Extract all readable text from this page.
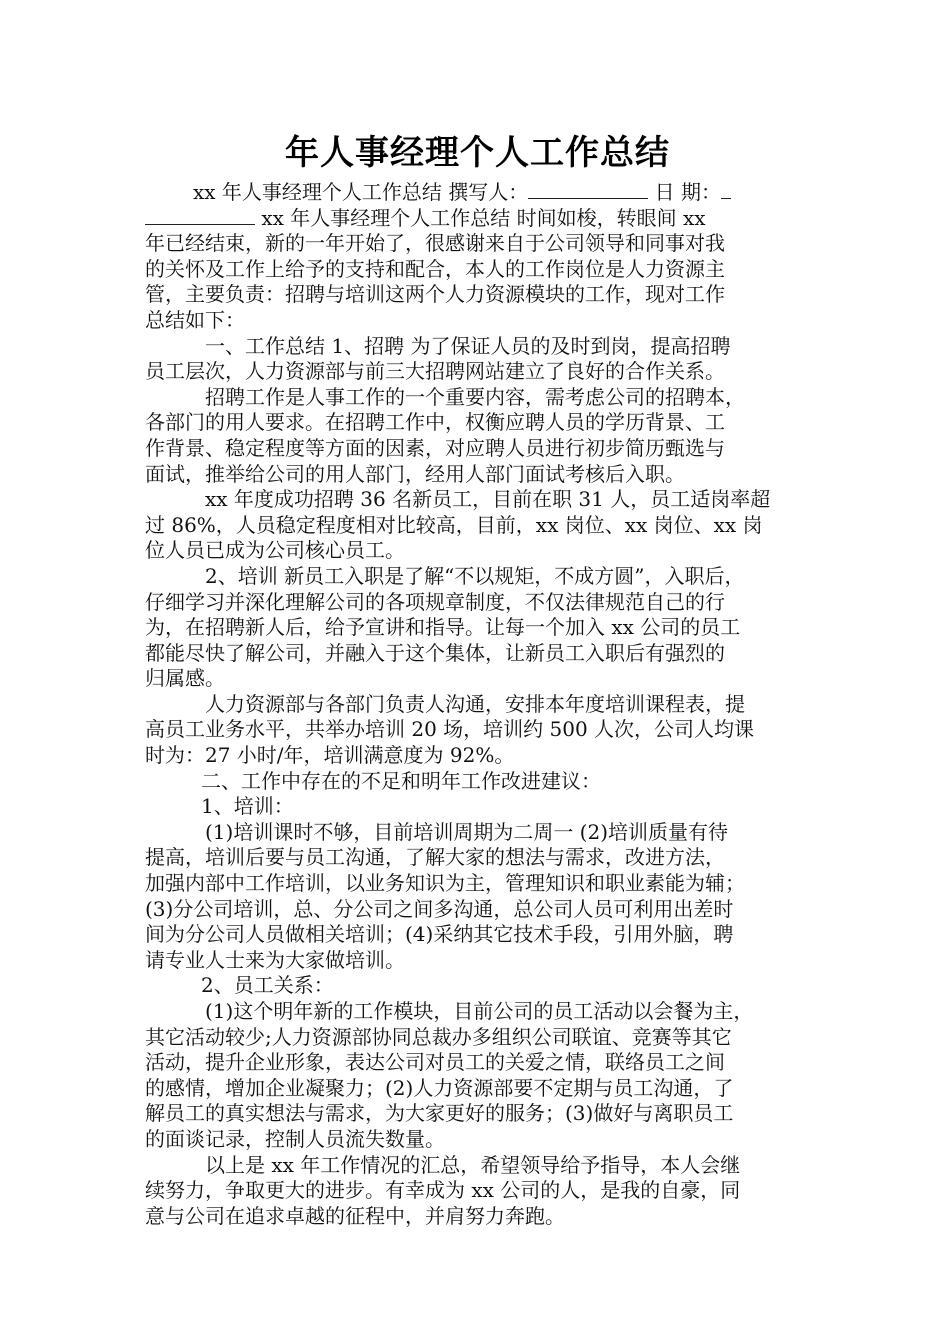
年人事经理个人工作总结
xx 年人事经理个人工作总结 撰写人：	日 期：
xx 年人事经理个人工作总结 时间如梭，转眼间 xx
年已经结束，新的一年开始了，很感谢来自于公司领导和同事对我
的关怀及工作上给予的支持和配合，本人的工作岗位是人力资源主
管，主要负责：招聘与培训这两个人力资源模块的工作，现对工作
总结如下：
一、工作总结 1、招聘 为了保证人员的及时到岗，提高招聘
员工层次，人力资源部与前三大招聘网站建立了良好的合作关系。
招聘工作是人事工作的一个重要内容，需考虑公司的招聘本，
各部门的用人要求。在招聘工作中，权衡应聘人员的学历背景、工
作背景、稳定程度等方面的因素，对应聘人员进行初步简历甄选与
面试，推举给公司的用人部门，经用人部门面试考核后入职。
xx 年度成功招聘 36 名新员工，目前在职 31 人，员工适岗率超
过 86%，人员稳定程度相对比较高，目前，xx 岗位、xx 岗位、xx 岗
位人员已成为公司核心员工。
2、培训 新员工入职是了解“不以规矩，不成方圆”，入职后，
仔细学习并深化理解公司的各项规章制度，不仅法律规范自己的行
为，在招聘新人后，给予宣讲和指导。让每一个加入 xx 公司的员工
都能尽快了解公司，并融入于这个集体，让新员工入职后有强烈的
归属感。
人力资源部与各部门负责人沟通，安排本年度培训课程表，提
高员工业务水平，共举办培训 20 场，培训约 500 人次，公司人均课
时为：27 小时/年，培训满意度为 92%。
二、工作中存在的不足和明年工作改进建议：
1、培训：
(1)培训课时不够，目前培训周期为二周一 (2)培训质量有待
提高，培训后要与员工沟通，了解大家的想法与需求，改进方法，
加强内部中工作培训，以业务知识为主，管理知识和职业素能为辅；
(3)分公司培训，总、分公司之间多沟通，总公司人员可利用出差时
间为分公司人员做相关培训；(4)采纳其它技术手段，引用外脑，聘
请专业人士来为大家做培训。
2、员工关系：
(1)这个明年新的工作模块，目前公司的员工活动以会餐为主，
其它活动较少;人力资源部协同总裁办多组织公司联谊、竞赛等其它
活动，提升企业形象，表达公司对员工的关爱之情，联络员工之间
的感情，增加企业凝聚力；(2)人力资源部要不定期与员工沟通，了
解员工的真实想法与需求，为大家更好的服务；(3)做好与离职员工
的面谈记录，控制人员流失数量。
以上是 xx 年工作情况的汇总，希望领导给予指导，本人会继
续努力，争取更大的进步。有幸成为 xx 公司的人，是我的自豪，同
意与公司在追求卓越的征程中，并肩努力奔跑。
